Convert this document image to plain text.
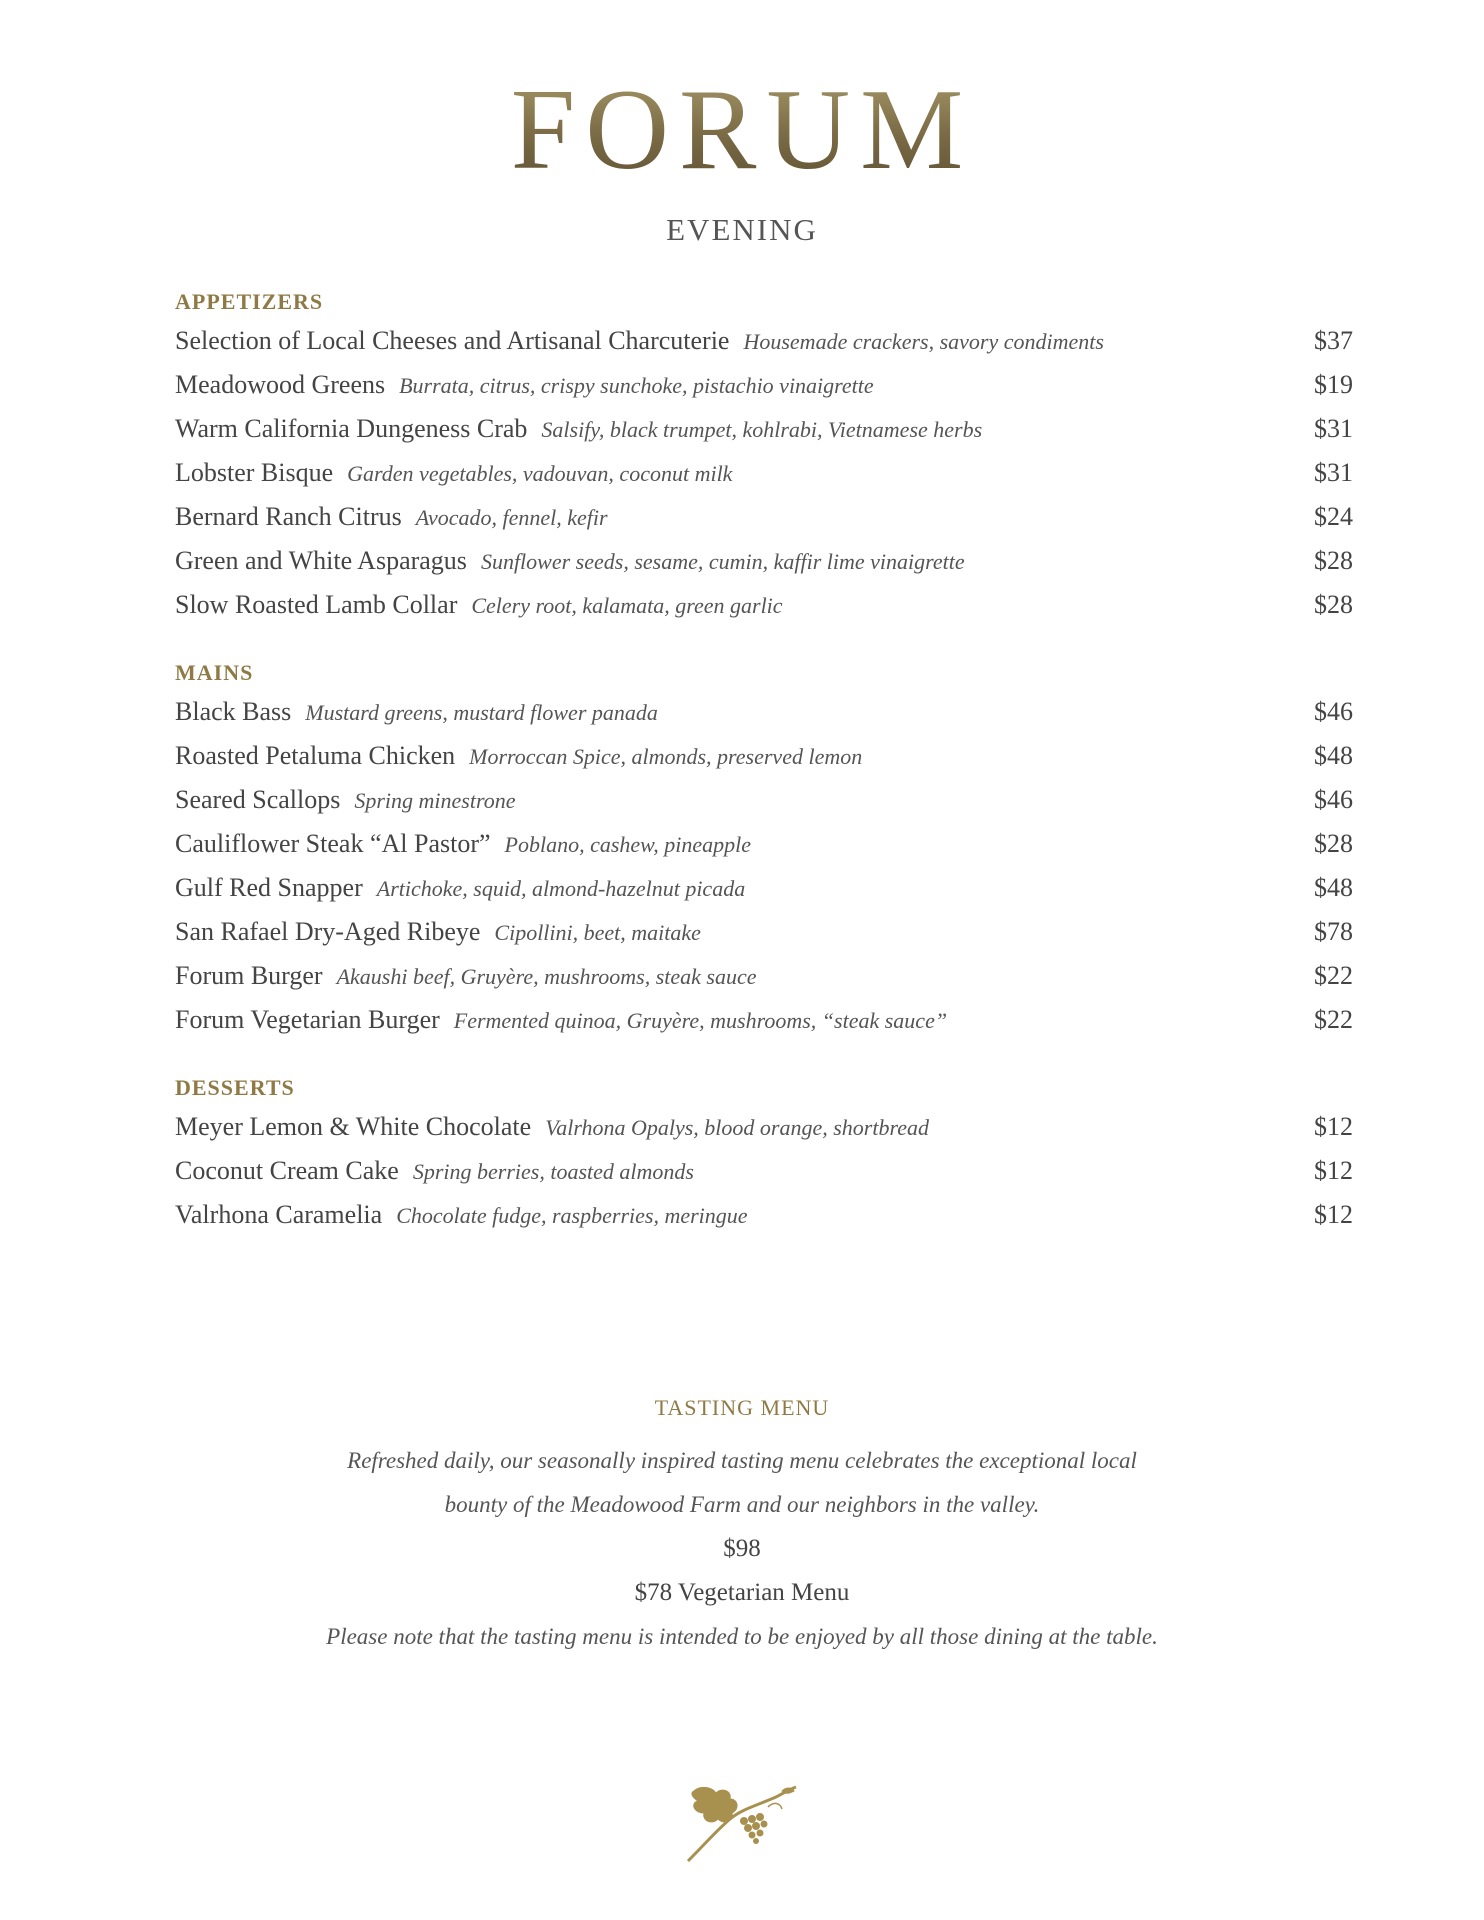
FORUM
EVENING
APPETIZERS
Selection of Local Cheeses and Artisanal Charcuterie Housemade crackers, savory condiments	$37
Meadowood Greens Burrata, citrus, crispy sunchoke, pistachio vinaigrette	$19
Warm California Dungeness Crab Salsify, black trumpet, kohlrabi, Vietnamese herbs	$31
Lobster Bisque Garden vegetables, vadouvan, coconut milk	$31
Bernard Ranch Citrus Avocado, fennel, kefir	$24
Green and White Asparagus Sunflower seeds, sesame, cumin, kaffir lime vinaigrette	$28
Slow Roasted Lamb Collar Celery root, kalamata, green garlic	$28
MAINS
Black Bass Mustard greens, mustard flower panada	$46
Roasted Petaluma Chicken Morroccan Spice, almonds, preserved lemon	$48
Seared Scallops Spring minestrone	$46
Cauliflower Steak “Al Pastor” Poblano, cashew, pineapple	$28
Gulf Red Snapper Artichoke, squid, almond-hazelnut picada	$48
San Rafael Dry-Aged Ribeye Cipollini, beet, maitake	$78
Forum Burger Akaushi beef, Gruyère, mushrooms, steak sauce	$22
Forum Vegetarian Burger Fermented quinoa, Gruyère, mushrooms, “steak sauce”	$22
DESSERTS
Meyer Lemon & White Chocolate Valrhona Opalys, blood orange, shortbread	$12
Coconut Cream Cake Spring berries, toasted almonds	$12
Valrhona Caramelia Chocolate fudge, raspberries, meringue	$12
TASTING MENU
Refreshed daily, our seasonally inspired tasting menu celebrates the exceptional local
bounty of the Meadowood Farm and our neighbors in the valley.
$98
$78 Vegetarian Menu
Please note that the tasting menu is intended to be enjoyed by all those dining at the table.
